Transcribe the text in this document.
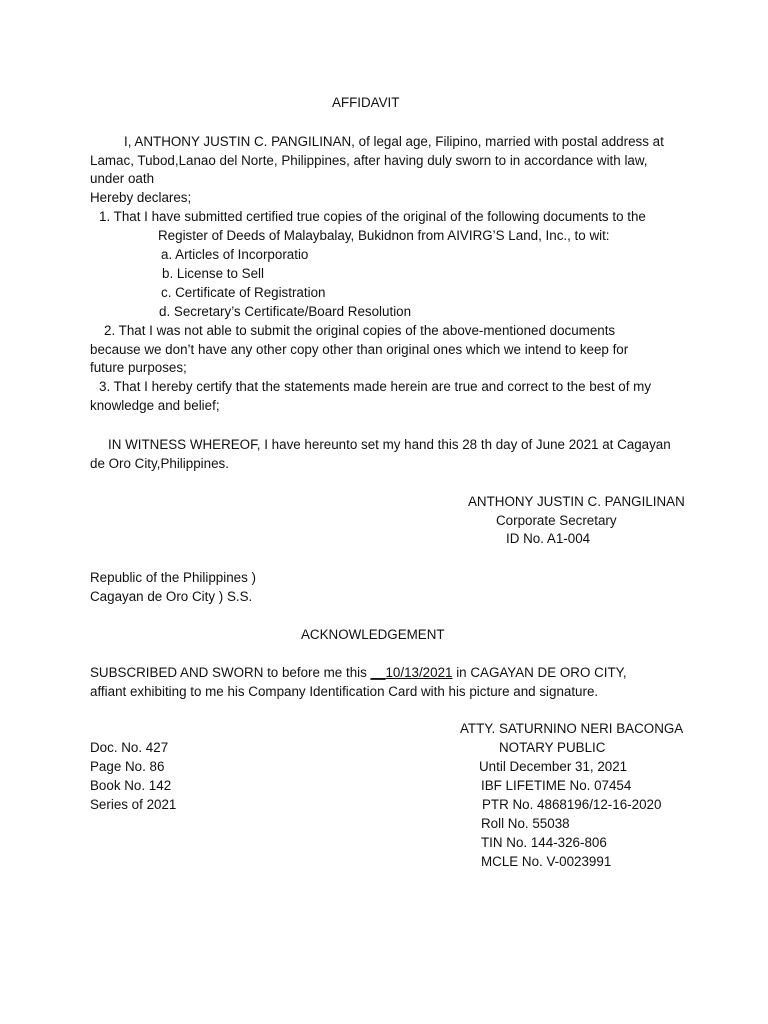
AFFIDAVIT
I, ANTHONY JUSTIN C. PANGILINAN, of legal age, Filipino, married with postal address at
Lamac, Tubod,Lanao del Norte, Philippines, after having duly sworn to in accordance with law,
under oath
Hereby declares;
1. That I have submitted certified true copies of the original of the following documents to the
Register of Deeds of Malaybalay, Bukidnon from AIVIRG’S Land, Inc., to wit:
a. Articles of Incorporatio
b. License to Sell
c. Certificate of Registration
d. Secretary’s Certificate/Board Resolution
2. That I was not able to submit the original copies of the above-mentioned documents
because we don’t have any other copy other than original ones which we intend to keep for
future purposes;
3. That I hereby certify that the statements made herein are true and correct to the best of my
knowledge and belief;
IN WITNESS WHEREOF, I have hereunto set my hand this 28 th day of June 2021 at Cagayan
de Oro City,Philippines.
ANTHONY JUSTIN C. PANGILINAN
Corporate Secretary
ID No. A1-004
Republic of the Philippines )
Cagayan de Oro City ) S.S.
ACKNOWLEDGEMENT
SUBSCRIBED AND SWORN to before me this __10/13/2021 in CAGAYAN DE ORO CITY,
affiant exhibiting to me his Company Identification Card with his picture and signature.
ATTY. SATURNINO NERI BACONGA
Doc. No. 427	NOTARY PUBLIC
Page No. 86	Until December 31, 2021
Book No. 142	IBF LIFETIME No. 07454
Series of 2021	PTR No. 4868196/12-16-2020
Roll No. 55038
TIN No. 144-326-806
MCLE No. V-0023991
